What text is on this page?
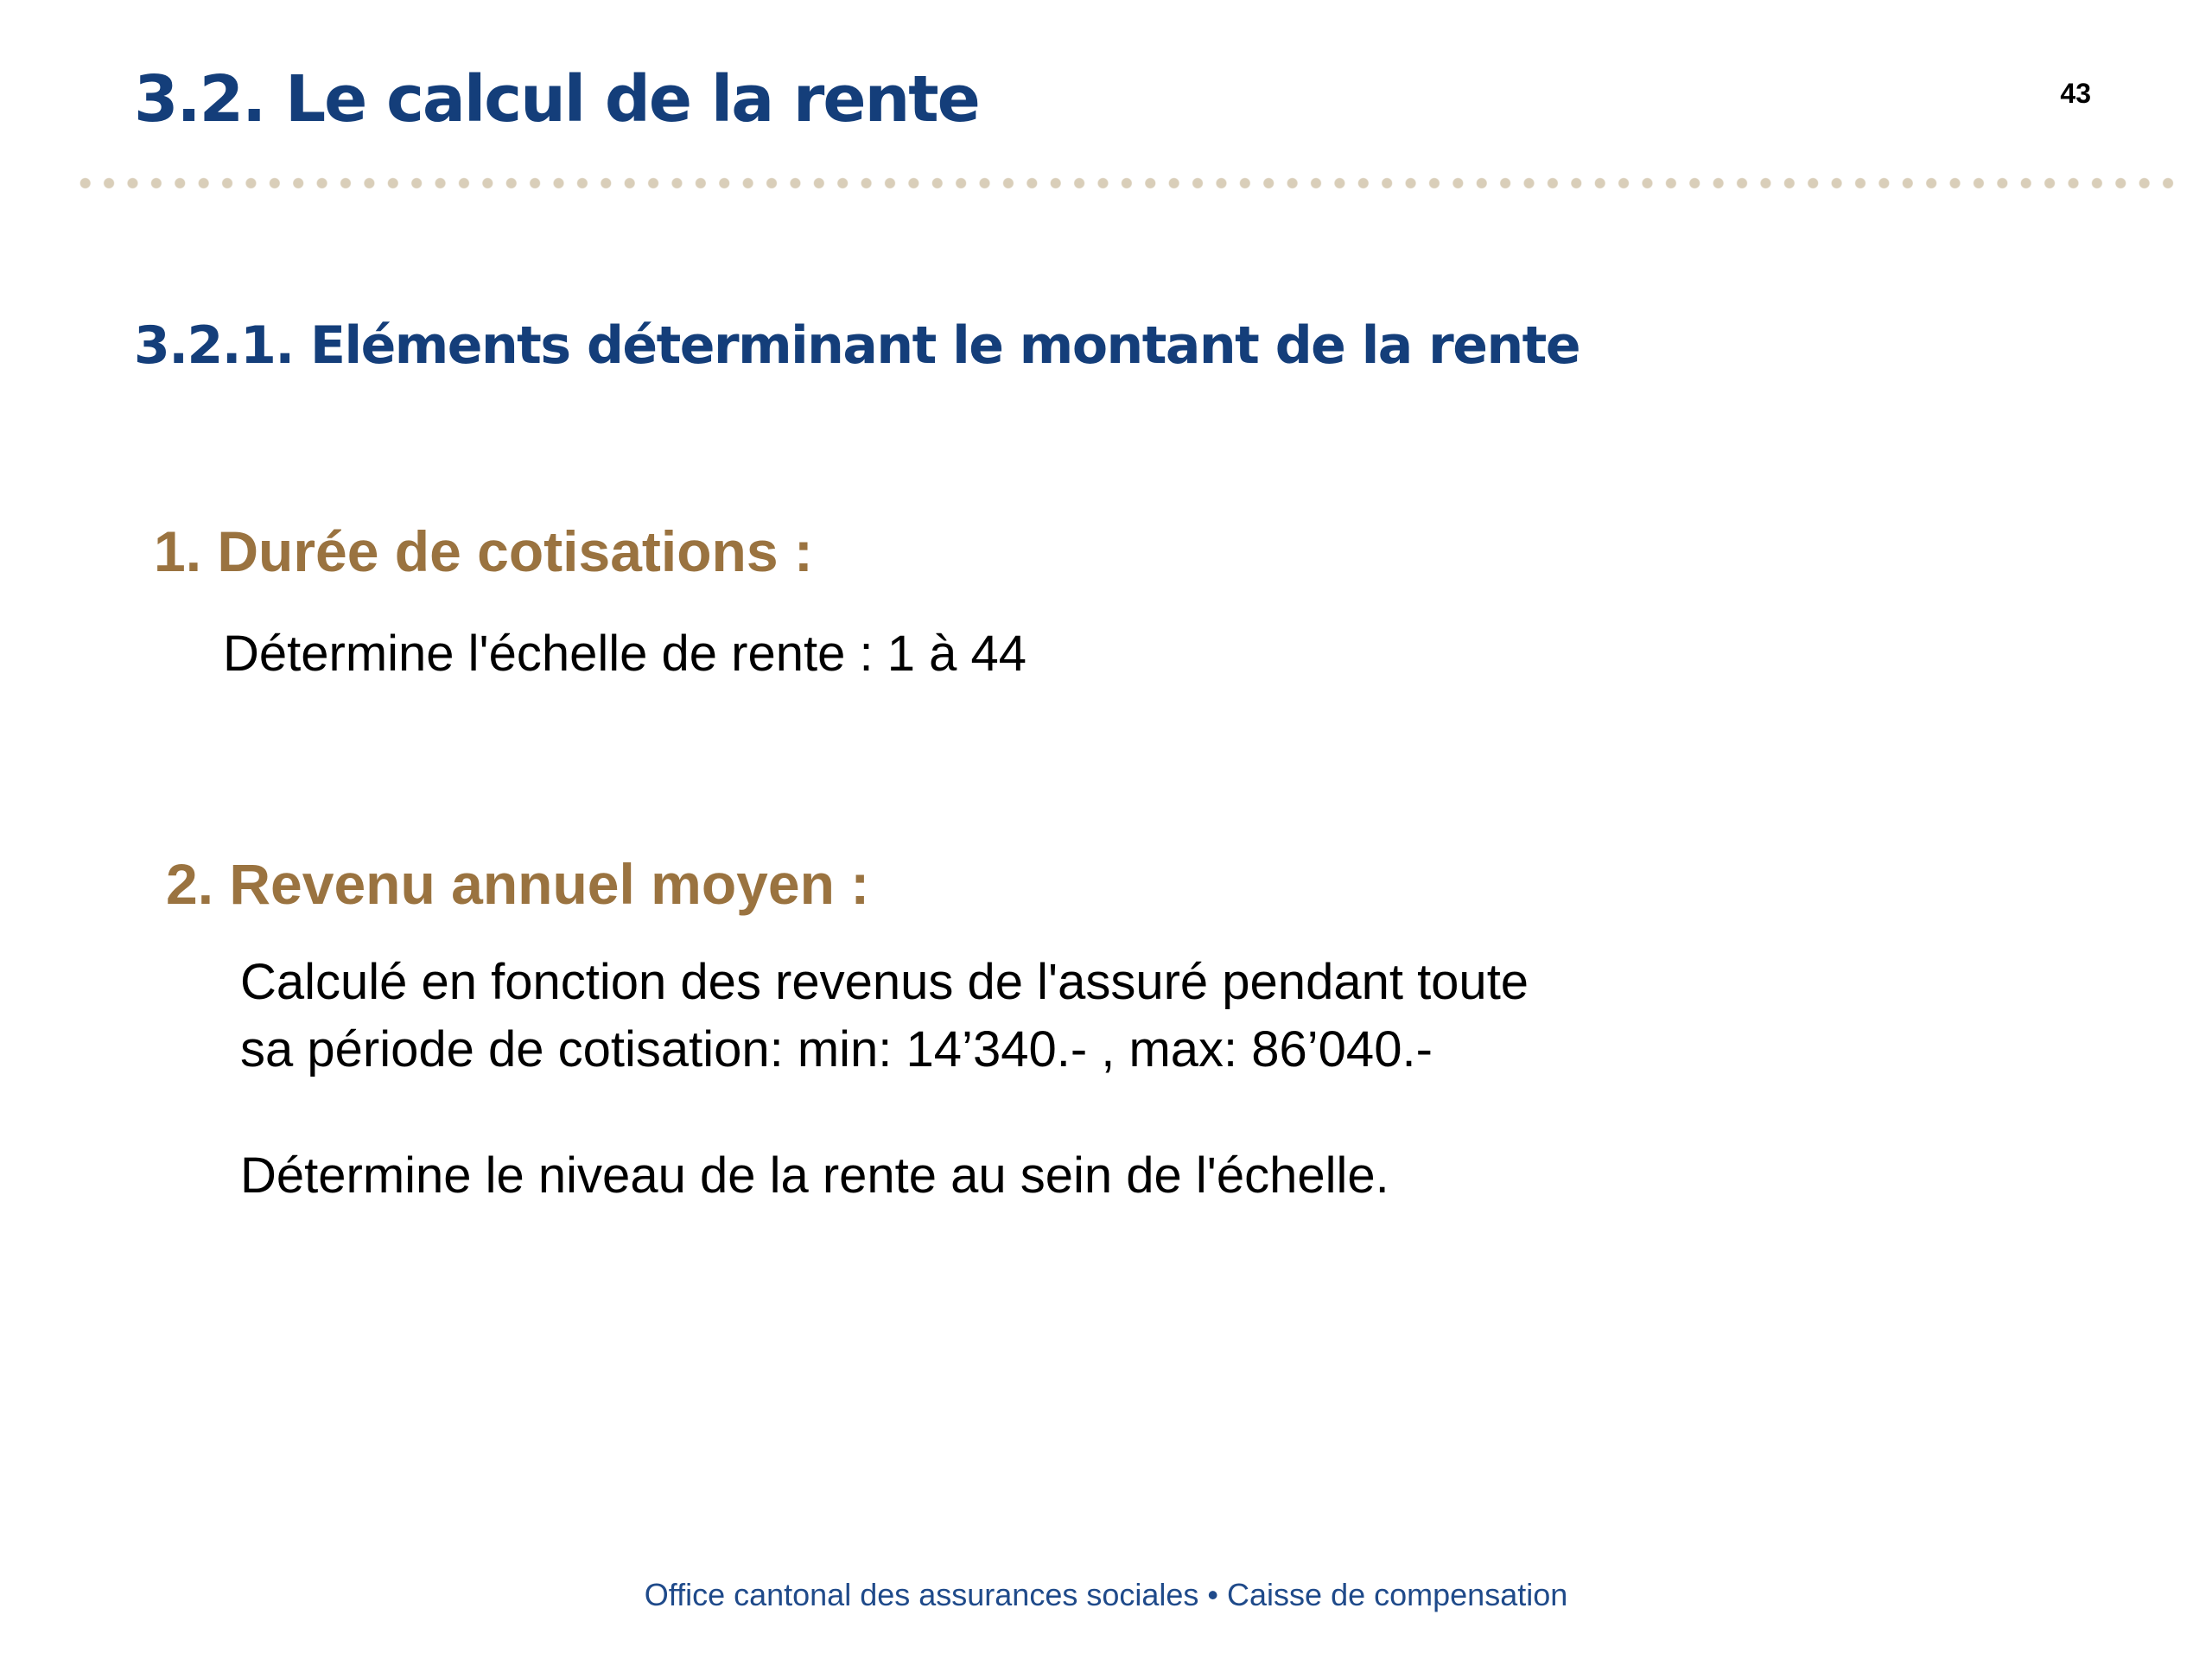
3.2. Le calcul de la rente	43
3.2.1. Eléments déterminant le montant de la rente
1. Durée de cotisations :
Détermine l'échelle de rente : 1 à 44
2. Revenu annuel moyen :
Calculé en fonction des revenus de l'assuré pendant toute
sa période de cotisation: min: 14’340.- , max: 86’040.-
Détermine le niveau de la rente au sein de l'échelle.
Office cantonal des assurances sociales • Caisse de compensation
